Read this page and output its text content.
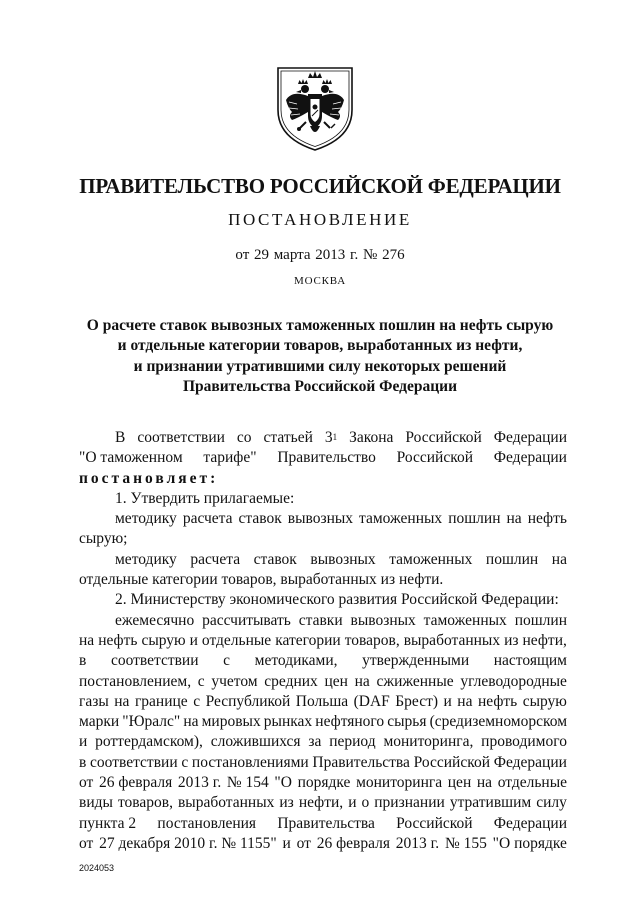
ПРАВИТЕЛЬСТВО РОССИЙСКОЙ ФЕДЕРАЦИИ
ПОСТАНОВЛЕНИЕ
от 29 марта 2013 г. № 276
МОСКВА
О расчете ставок вывозных таможенных пошлин на нефть сырую
и отдельные категории товаров, выработанных из нефти,
и признании утратившими силу некоторых решений
Правительства Российской Федерации
В соответствии со статьей $3^1$ Закона Российской Федерации
"О таможенном тарифе" Правительство Российской Федерации
постановляет:
1. Утвердить прилагаемые:
методику расчета ставок вывозных таможенных пошлин на нефть
сырую;
методику расчета ставок вывозных таможенных пошлин на
отдельные категории товаров, выработанных из нефти.
2. Министерству экономического развития Российской Федерации:
ежемесячно рассчитывать ставки вывозных таможенных пошлин
на нефть сырую и отдельные категории товаров, выработанных из нефти,
в соответствии с методиками, утвержденными настоящим
постановлением, с учетом средних цен на сжиженные углеводородные
газы на границе с Республикой Польша (DAF Брест) и на нефть сырую
марки "Юралс" на мировых рынках нефтяного сырья (средиземноморском
и роттердамском), сложившихся за период мониторинга, проводимого
в соответствии с постановлениями Правительства Российской Федерации
от 26 февраля 2013 г. № 154 "О порядке мониторинга цен на отдельные
виды товаров, выработанных из нефти, и о признании утратившим силу
пункта 2 постановления Правительства Российской Федерации
от 27 декабря 2010 г. № 1155" и от 26 февраля 2013 г. № 155 "О порядке
2024053
